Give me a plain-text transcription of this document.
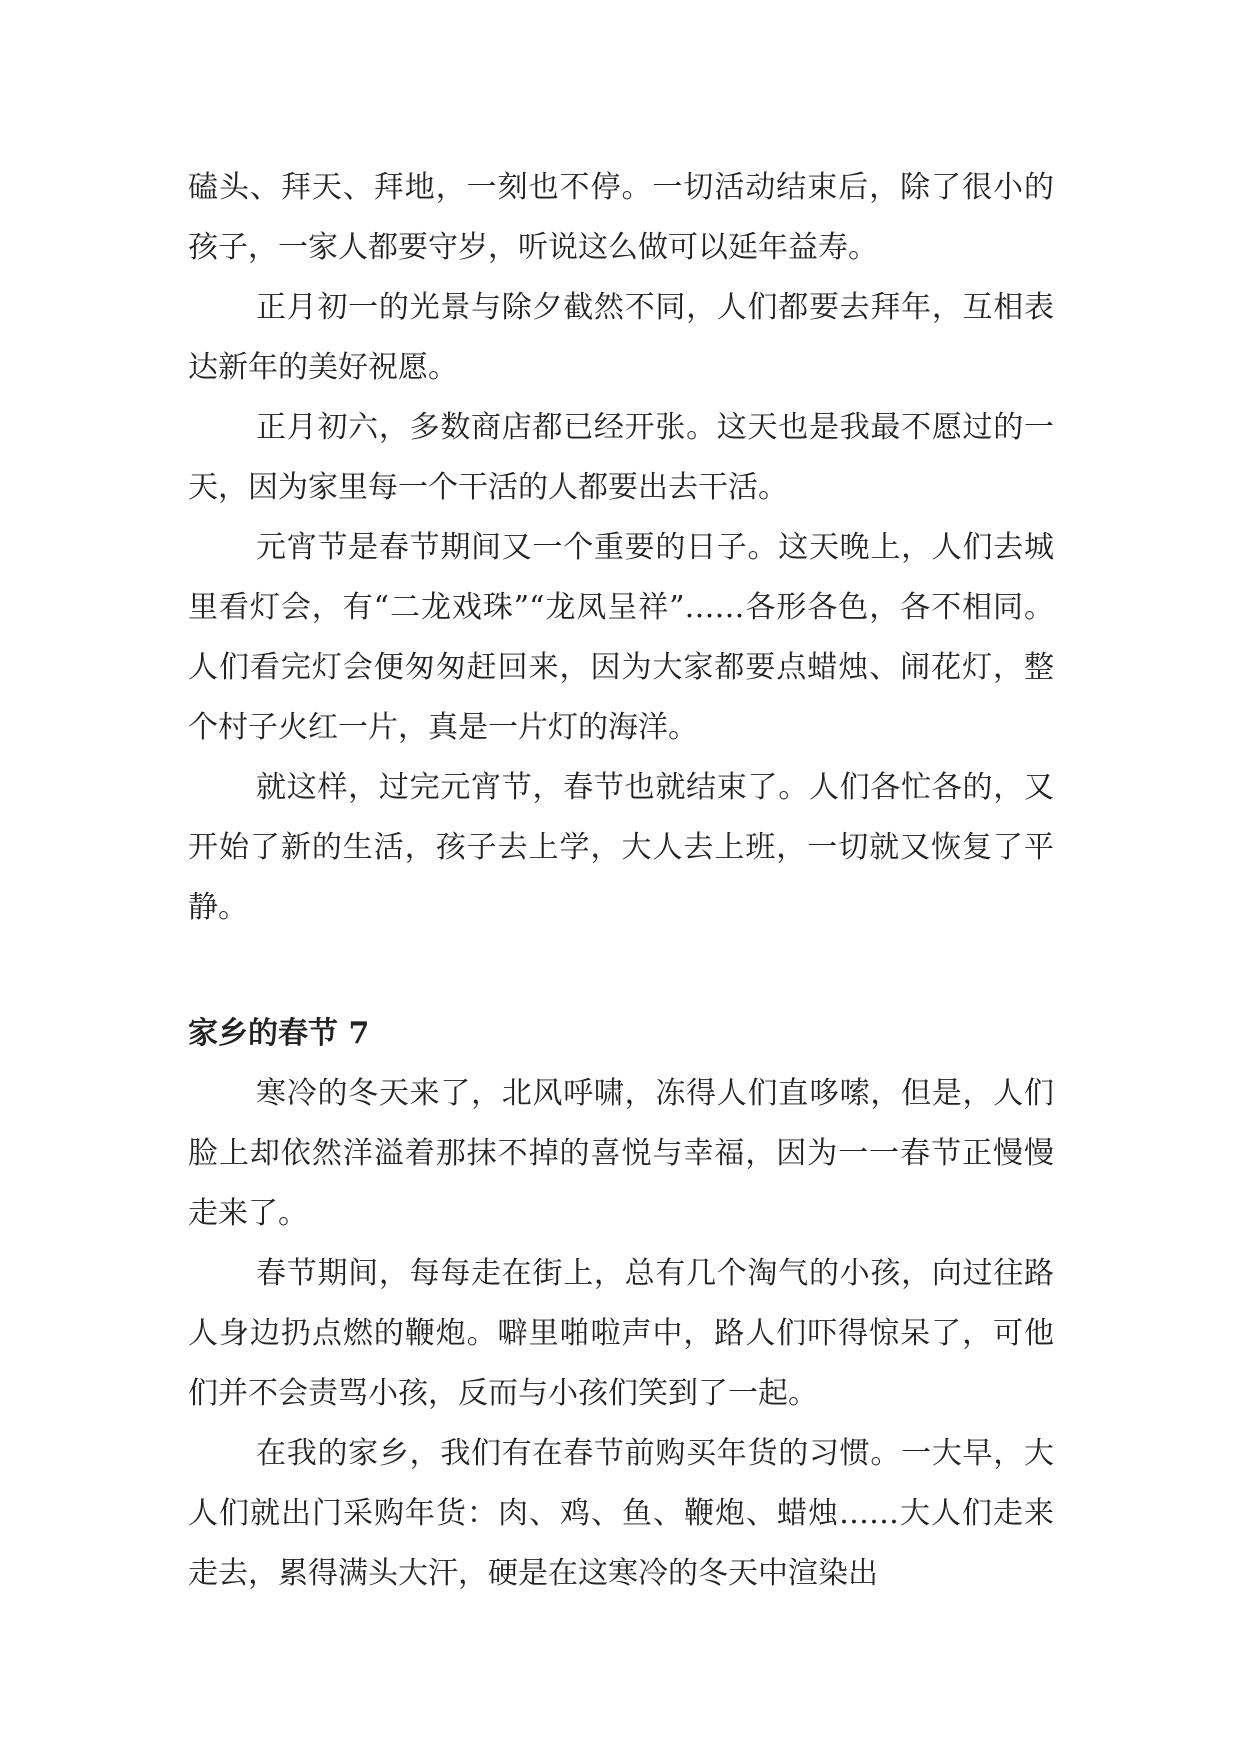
磕头、拜天、拜地，一刻也不停。一切活动结束后，除了很小的孩子，一家人都要守岁，听说这么做可以延年益寿。

正月初一的光景与除夕截然不同，人们都要去拜年，互相表达新年的美好祝愿。

正月初六，多数商店都已经开张。这天也是我最不愿过的一天，因为家里每一个干活的人都要出去干活。

元宵节是春节期间又一个重要的日子。这天晚上，人们去城里看灯会，有“二龙戏珠”“龙凤呈祥”……各形各色，各不相同。人们看完灯会便匆匆赶回来，因为大家都要点蜡烛、闹花灯，整个村子火红一片，真是一片灯的海洋。

就这样，过完元宵节，春节也就结束了。人们各忙各的，又开始了新的生活，孩子去上学，大人去上班，一切就又恢复了平静。

家乡的春节 7

寒冷的冬天来了，北风呼啸，冻得人们直哆嗦，但是，人们脸上却依然洋溢着那抹不掉的喜悦与幸福，因为一一春节正慢慢走来了。

春节期间，每每走在街上，总有几个淘气的小孩，向过往路人身边扔点燃的鞭炮。噼里啪啦声中，路人们吓得惊呆了，可他们并不会责骂小孩，反而与小孩们笑到了一起。

在我的家乡，我们有在春节前购买年货的习惯。一大早，大人们就出门采购年货：肉、鸡、鱼、鞭炮、蜡烛……大人们走来走去，累得满头大汗，硬是在这寒冷的冬天中渲染出
